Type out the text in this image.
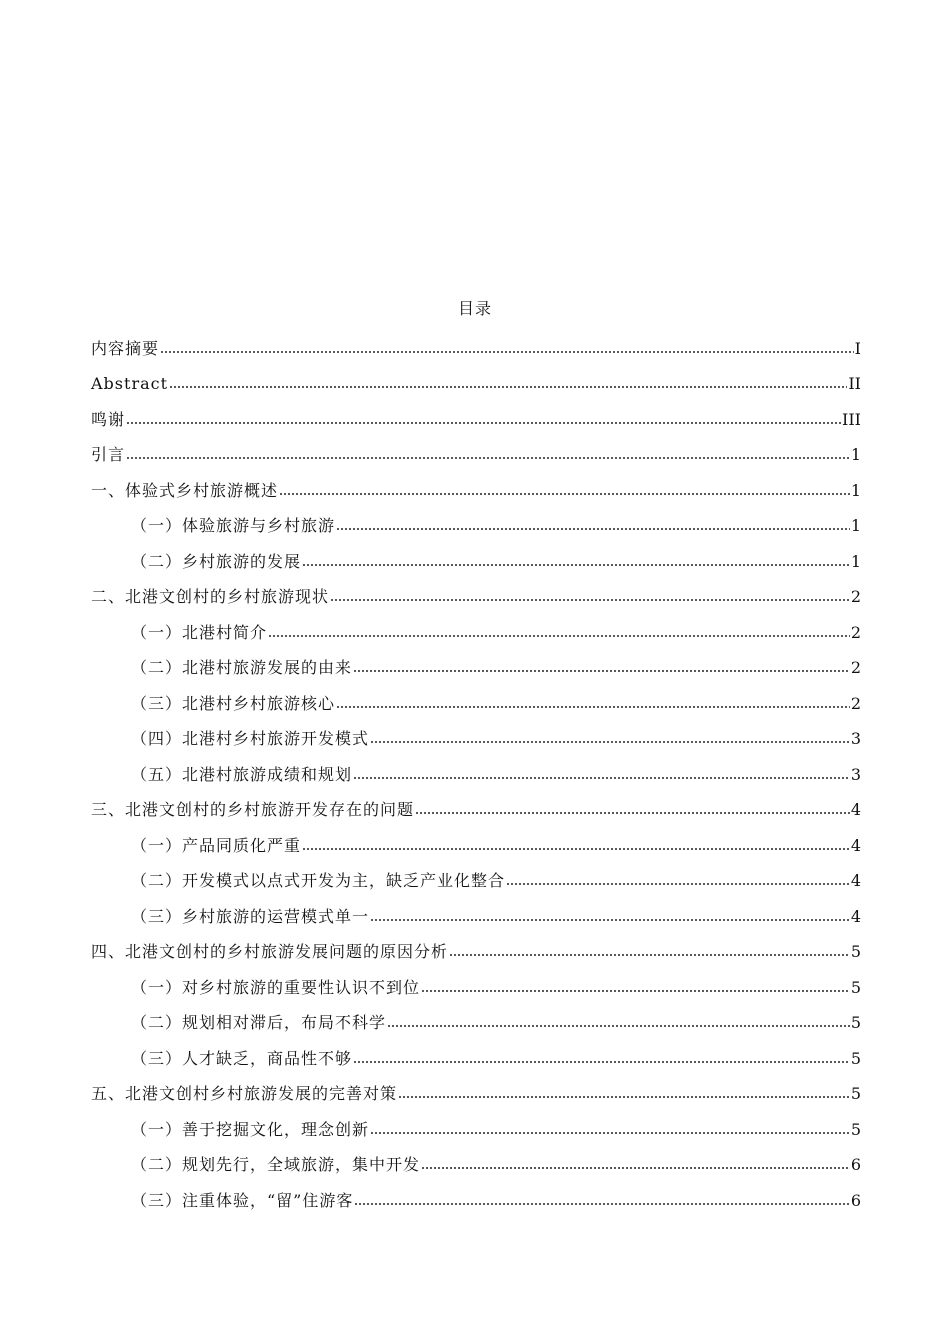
目录
内容摘要	I
Abstract	II
鸣谢	III
引言	1
一、体验式乡村旅游概述	1
（一）体验旅游与乡村旅游	1
（二）乡村旅游的发展	1
二、北港文创村的乡村旅游现状	2
（一）北港村简介	2
（二）北港村旅游发展的由来	2
（三）北港村乡村旅游核心	2
（四）北港村乡村旅游开发模式	3
（五）北港村旅游成绩和规划	3
三、北港文创村的乡村旅游开发存在的问题	4
（一）产品同质化严重	4
（二）开发模式以点式开发为主，缺乏产业化整合	4
（三）乡村旅游的运营模式单一	4
四、北港文创村的乡村旅游发展问题的原因分析	5
（一）对乡村旅游的重要性认识不到位	5
（二）规划相对滞后，布局不科学	5
（三）人才缺乏，商品性不够	5
五、北港文创村乡村旅游发展的完善对策	5
（一）善于挖掘文化，理念创新	5
（二）规划先行，全域旅游，集中开发	6
（三）注重体验，“留”住游客	6
